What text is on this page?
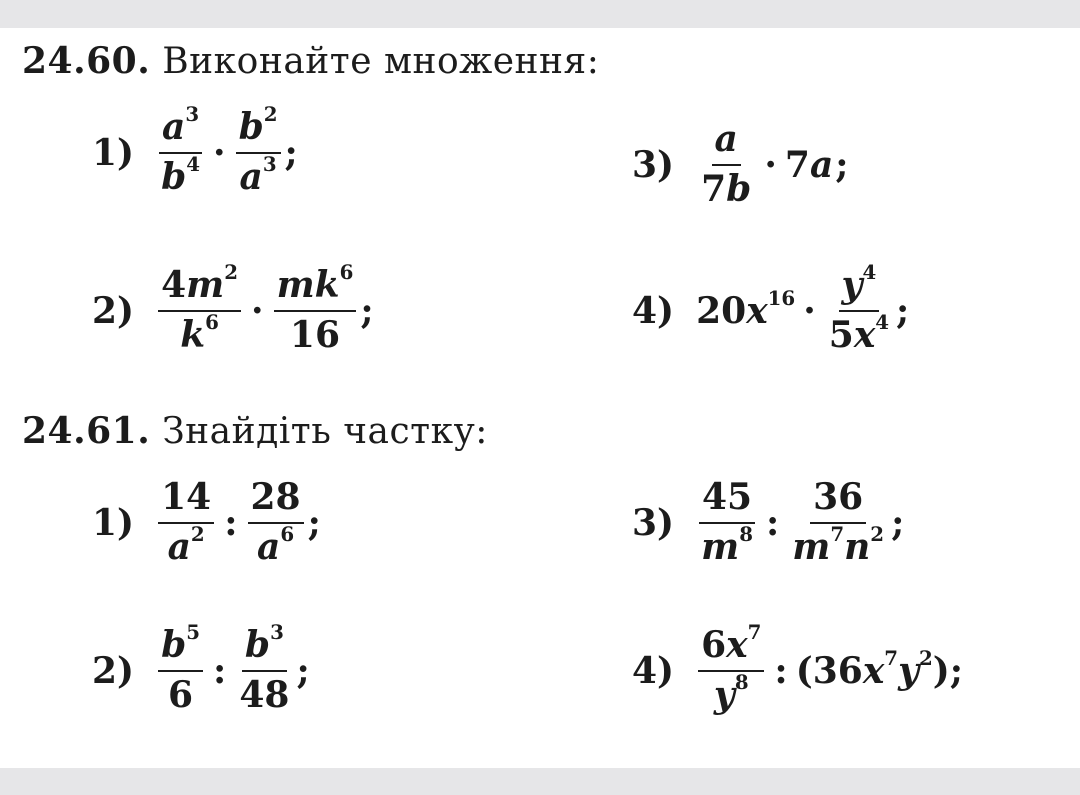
24.60. Виконайте множення:
$1) \frac{a^3}{b^4} \cdot \frac{b^2}{a^3}$ ;	$3) \frac{a}{7b} \cdot 7$ a ;
$2) \frac{4m^2}{k^6} \cdot \frac{mk^6}{16}$ ;	4) 20 $x^{16} \cdot \frac{y^4}{5x^4}$ ;
24.61. Знайдіть частку:
$1) \frac{14}{a^2}$ : $\frac{28}{a^6}$ ;	$3) \frac{45}{m^8}$ : $\frac{36}{m^7n^2}$ ;
$2) \frac{b^5}{6}$ : $\frac{b^3}{48}$ ;	$4) \frac{6x^7}{y^8}$ : (36 $x^7y^2$ );
